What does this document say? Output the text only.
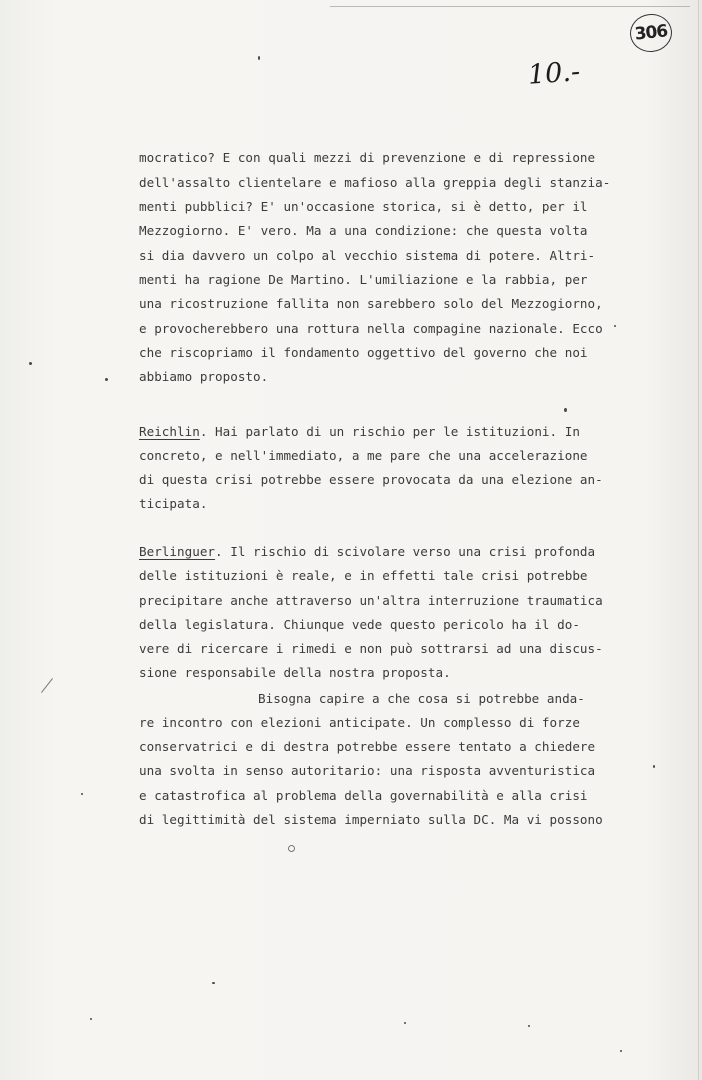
306
10.-
mocratico? E con quali mezzi di prevenzione e di repressione
dell'assalto clientelare e mafioso alla greppia degli stanzia-
menti pubblici? E' un'occasione storica, si è detto, per il
Mezzogiorno. E' vero. Ma a una condizione: che questa volta
si dia davvero un colpo al vecchio sistema di potere. Altri-
menti ha ragione De Martino. L'umiliazione e la rabbia, per
una ricostruzione fallita non sarebbero solo del Mezzogiorno,
e provocherebbero una rottura nella compagine nazionale. Ecco
che riscopriamo il fondamento oggettivo del governo che noi
abbiamo proposto.
Reichlin. Hai parlato di un rischio per le istituzioni. In
concreto, e nell'immediato, a me pare che una accelerazione
di questa crisi potrebbe essere provocata da una elezione an-
ticipata.
Berlinguer. Il rischio di scivolare verso una crisi profonda
delle istituzioni è reale, e in effetti tale crisi potrebbe
precipitare anche attraverso un'altra interruzione traumatica
della legislatura. Chiunque vede questo pericolo ha il do-
vere di ricercare i rimedi e non può sottrarsi ad una discus-
sione responsabile della nostra proposta.
Bisogna capire a che cosa si potrebbe anda-
re incontro con elezioni anticipate. Un complesso di forze
conservatrici e di destra potrebbe essere tentato a chiedere
una svolta in senso autoritario: una risposta avventuristica
e catastrofica al problema della governabilità e alla crisi
di legittimità del sistema imperniato sulla DC. Ma vi possono
